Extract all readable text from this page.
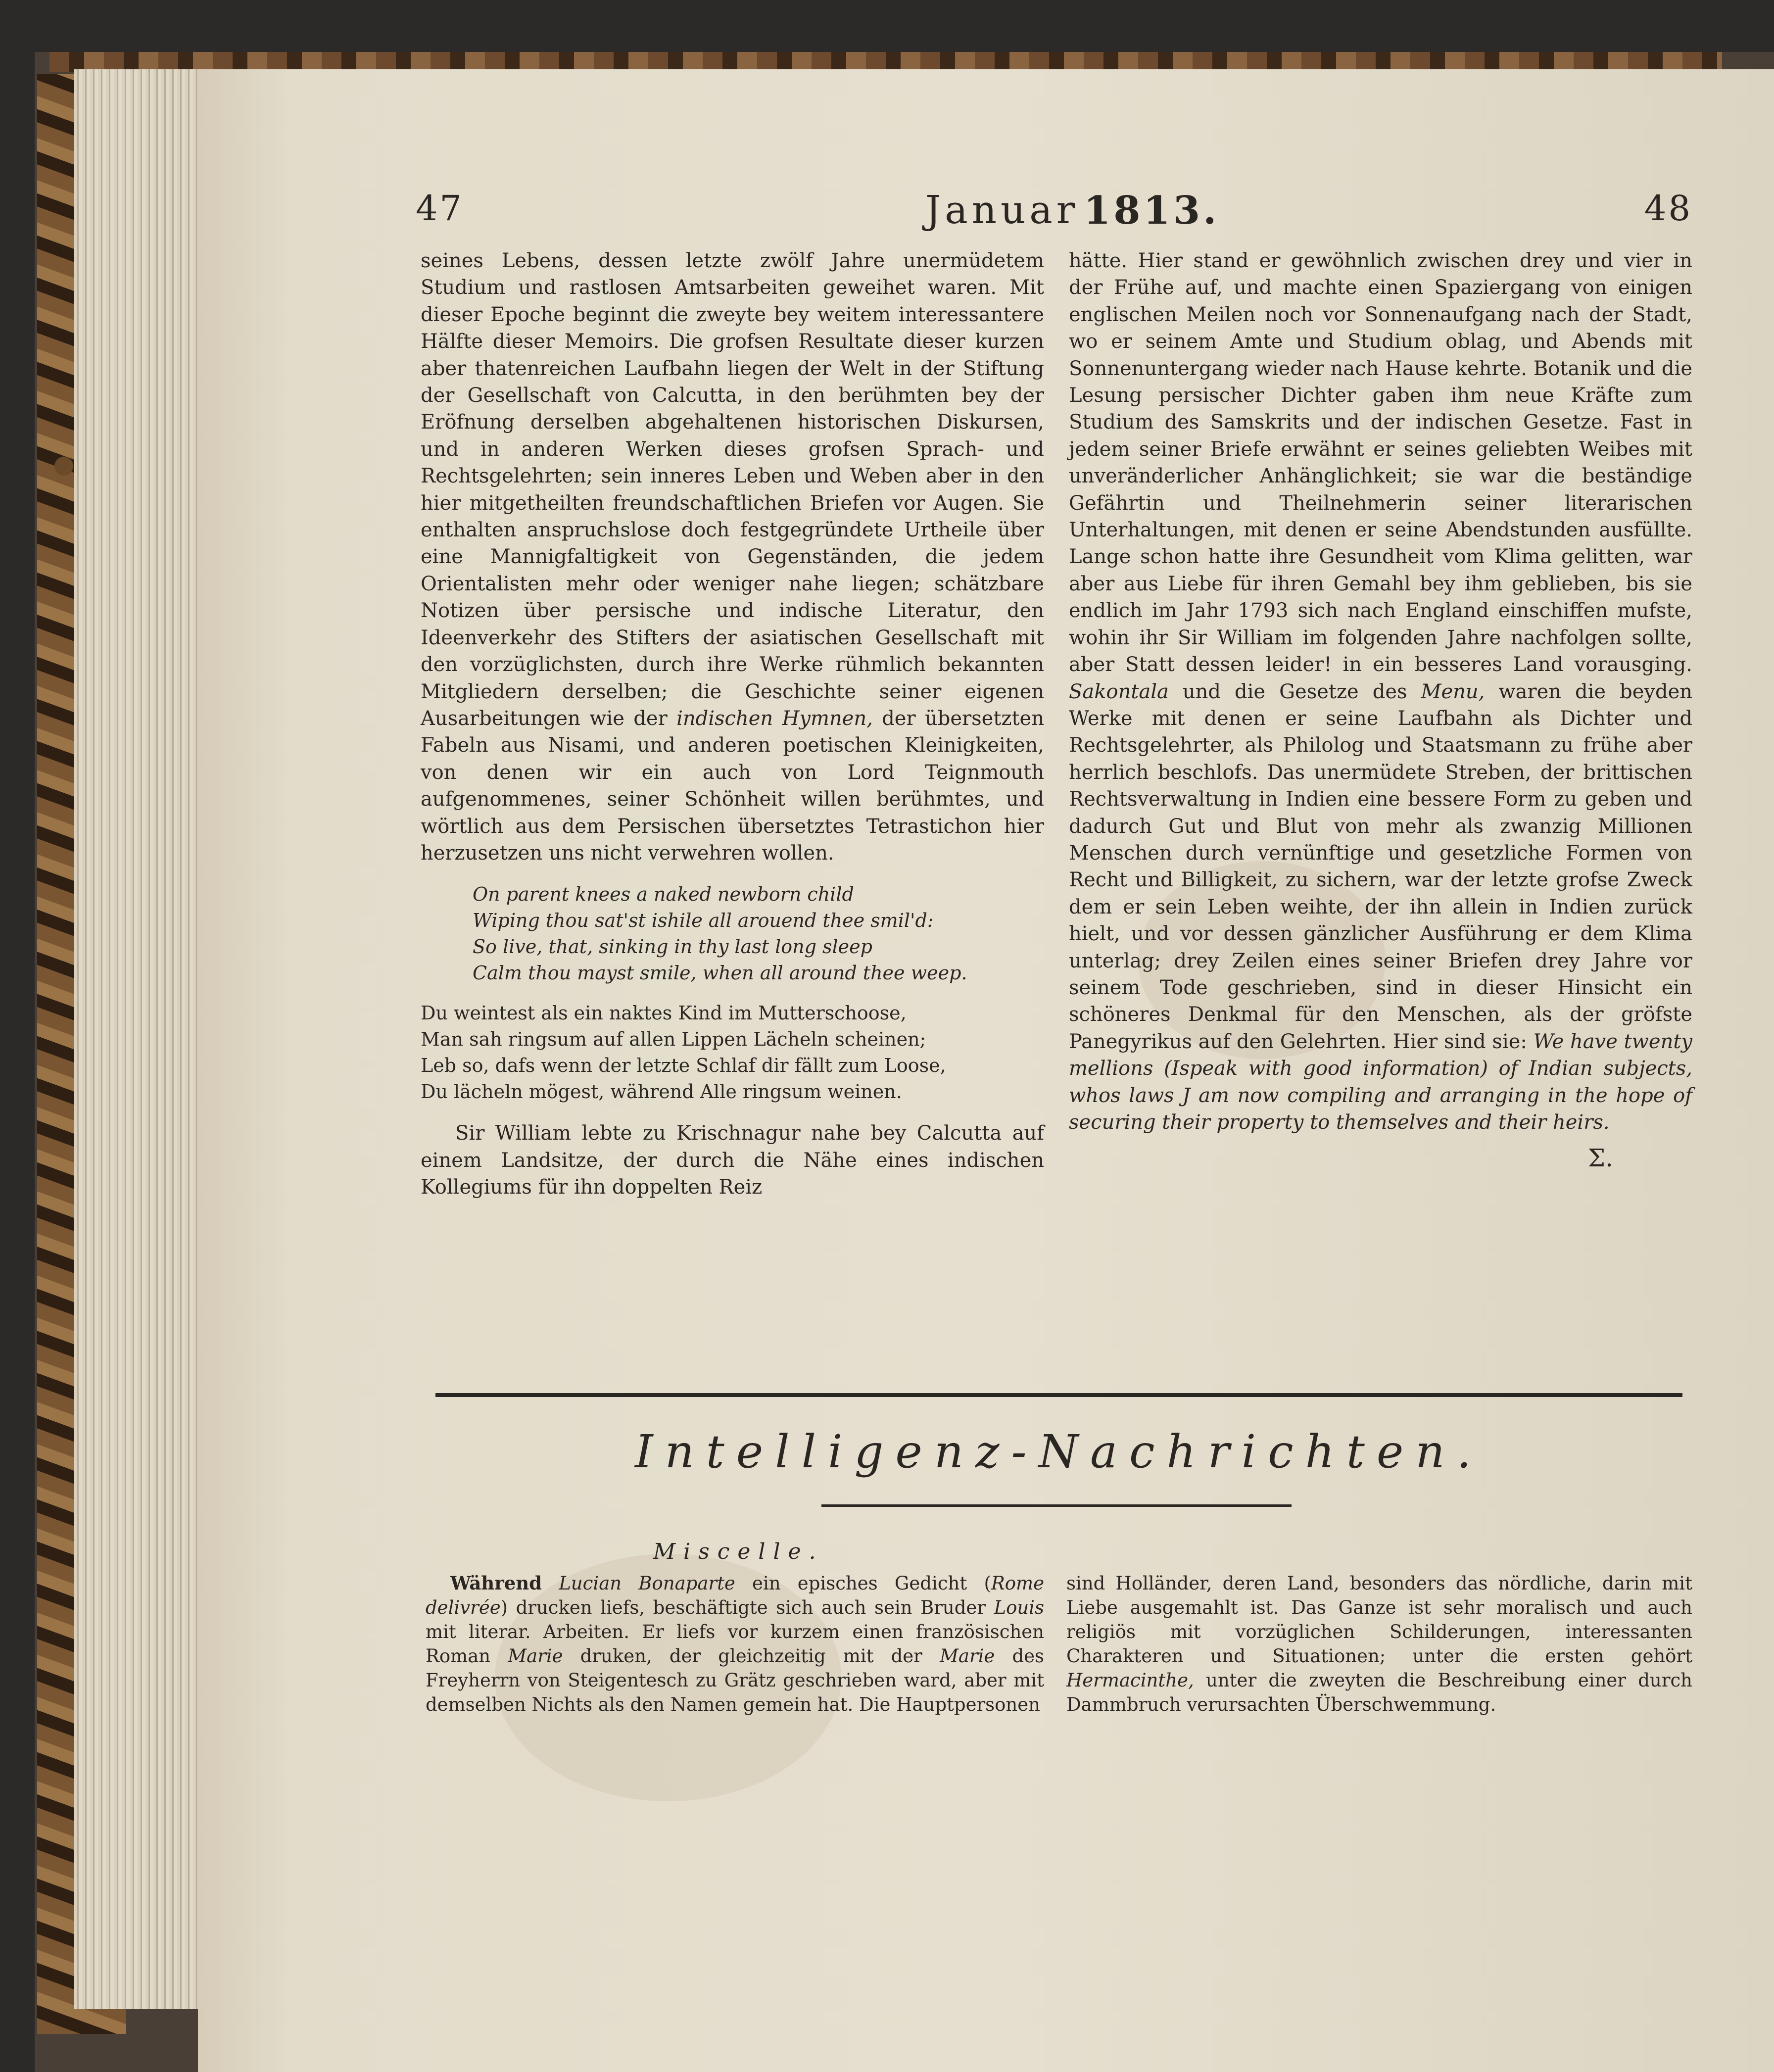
47	Januar 1813.	48

seines Lebens, dessen letzte zwölf Jahre unermüdetem Studium und rastlosen Amtsarbeiten geweihet waren. Mit dieser Epoche beginnt die zweyte bey weitem interessantere Hälfte dieser Memoirs. Die grofsen Resultate dieser kurzen aber thatenreichen Laufbahn liegen der Welt in der Stiftung der Gesellschaft von Calcutta, in den berühmten bey der Eröfnung derselben abgehaltenen historischen Diskursen, und in anderen Werken dieses grofsen Sprach- und Rechtsgelehrten; sein inneres Leben und Weben aber in den hier mitgetheilten freundschaftlichen Briefen vor Augen. Sie enthalten anspruchslose doch festgegründete Urtheile über eine Mannigfaltigkeit von Gegenständen, die jedem Orientalisten mehr oder weniger nahe liegen; schätzbare Notizen über persische und indische Literatur, den Ideenverkehr des Stifters der asiatischen Gesellschaft mit den vorzüglichsten, durch ihre Werke rühmlich bekannten Mitgliedern derselben; die Geschichte seiner eigenen Ausarbeitungen wie der indischen Hymnen, der übersetzten Fabeln aus Nisami, und anderen poetischen Kleinigkeiten, von denen wir ein auch von Lord Teignmouth aufgenommenes, seiner Schönheit willen berühmtes, und wörtlich aus dem Persischen übersetztes Tetrastichon hier herzusetzen uns nicht verwehren wollen.

On parent knees a naked newborn child
Wiping thou sat'st ishile all arouend thee smil'd:
So live, that, sinking in thy last long sleep
Calm thou mayst smile, when all around thee weep.
Du weintest als ein naktes Kind im Mutterschoose,
Man sah ringsum auf allen Lippen Lächeln scheinen;
Leb so, dafs wenn der letzte Schlaf dir fällt zum Loose,
Du lächeln mögest, während Alle ringsum weinen.

Sir William lebte zu Krischnagur nahe bey Calcutta auf einem Landsitze, der durch die Nähe eines indischen Kollegiums für ihn doppelten Reiz

hätte. Hier stand er gewöhnlich zwischen drey und vier in der Frühe auf, und machte einen Spaziergang von einigen englischen Meilen noch vor Sonnenaufgang nach der Stadt, wo er seinem Amte und Studium oblag, und Abends mit Sonnenuntergang wieder nach Hause kehrte. Botanik und die Lesung persischer Dichter gaben ihm neue Kräfte zum Studium des Samskrits und der indischen Gesetze. Fast in jedem seiner Briefe erwähnt er seines geliebten Weibes mit unveränderlicher Anhänglichkeit; sie war die beständige Gefährtin und Theilnehmerin seiner literarischen Unterhaltungen, mit denen er seine Abendstunden ausfüllte. Lange schon hatte ihre Gesundheit vom Klima gelitten, war aber aus Liebe für ihren Gemahl bey ihm geblieben, bis sie endlich im Jahr 1793 sich nach England einschiffen mufste, wohin ihr Sir William im folgenden Jahre nachfolgen sollte, aber Statt dessen leider! in ein besseres Land vorausging. Sakontala und die Gesetze des Menu, waren die beyden Werke mit denen er seine Laufbahn als Dichter und Rechtsgelehrter, als Philolog und Staatsmann zu frühe aber herrlich beschlofs. Das unermüdete Streben, der brittischen Rechtsverwaltung in Indien eine bessere Form zu geben und dadurch Gut und Blut von mehr als zwanzig Millionen Menschen durch vernünftige und gesetzliche Formen von Recht und Billigkeit, zu sichern, war der letzte grofse Zweck dem er sein Leben weihte, der ihn allein in Indien zurück hielt, und vor dessen gänzlicher Ausführung er dem Klima unterlag; drey Zeilen eines seiner Briefen drey Jahre vor seinem Tode geschrieben, sind in dieser Hinsicht ein schöneres Denkmal für den Menschen, als der gröfste Panegyrikus auf den Gelehrten. Hier sind sie: We have twenty mellions (Ispeak with good information) of Indian subjects, whos laws J am now compiling and arranging in the hope of securing their property to themselves and their heirs.

Σ.
Intelligenz-Nachrichten.
Miscelle.

Während Lucian Bonaparte ein episches Gedicht (Rome delivrée) drucken liefs, beschäftigte sich auch sein Bruder Louis mit literar. Arbeiten. Er liefs vor kurzem einen französischen Roman Marie druken, der gleichzeitig mit der Marie des Freyherrn von Steigentesch zu Grätz geschrieben ward, aber mit demselben Nichts als den Namen gemein hat. Die Hauptpersonen

sind Holländer, deren Land, besonders das nördliche, darin mit Liebe ausgemahlt ist. Das Ganze ist sehr moralisch und auch religiös mit vorzüglichen Schilderungen, interessanten Charakteren und Situationen; unter die ersten gehört Hermacinthe, unter die zweyten die Beschreibung einer durch Dammbruch verursachten Überschwemmung.
